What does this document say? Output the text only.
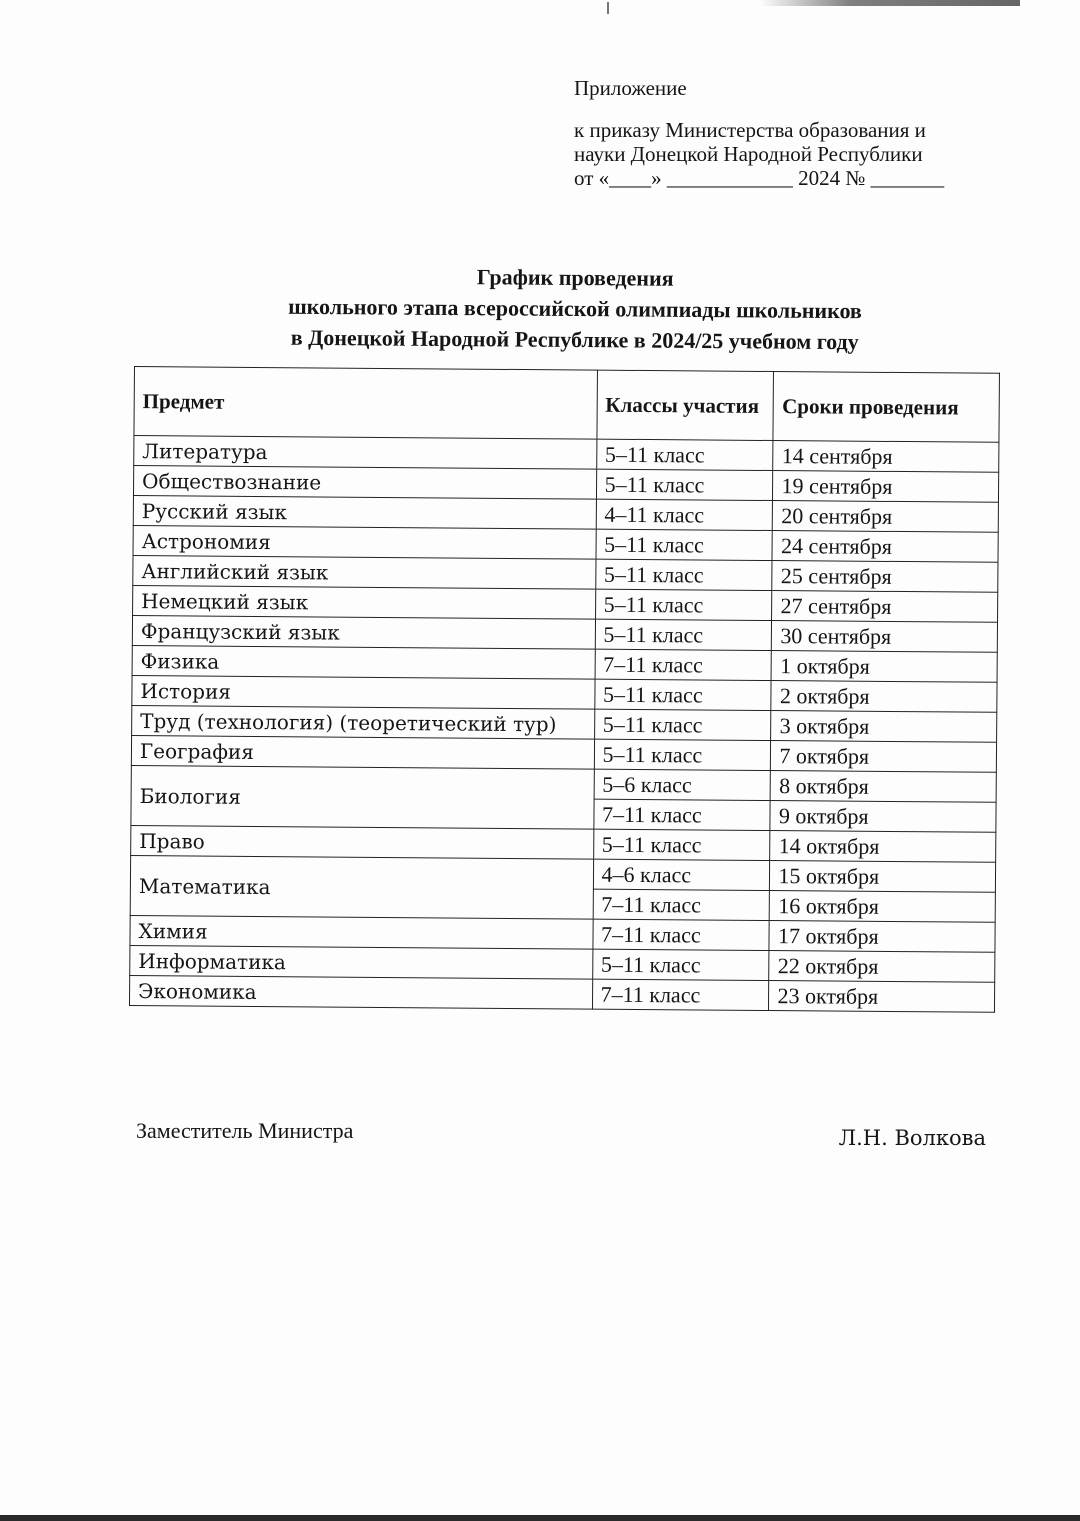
Приложение
к приказу Министерства образования и
науки Донецкой Народной Республики
от «____» ____________ 2024 № _______
График проведения
школьного этапа всероссийской олимпиады школьников
в Донецкой Народной Республике в 2024/25 учебном году
Предмет	Классы участия	Сроки проведения
Литература	5–11 класс	14 сентября
Обществознание	5–11 класс	19 сентября
Русский язык	4–11 класс	20 сентября
Астрономия	5–11 класс	24 сентября
Английский язык	5–11 класс	25 сентября
Немецкий язык	5–11 класс	27 сентября
Французский язык	5–11 класс	30 сентября
Физика	7–11 класс	1 октября
История	5–11 класс	2 октября
Труд (технология) (теоретический тур)	5–11 класс	3 октября
География	5–11 класс	7 октября
Биология	5–6 класс	8 октября
	7–11 класс	9 октября
Право	5–11 класс	14 октября
Математика	4–6 класс	15 октября
	7–11 класс	16 октября
Химия	7–11 класс	17 октября
Информатика	5–11 класс	22 октября
Экономика	7–11 класс	23 октября
Заместитель Министра	Л.Н. Волкова
